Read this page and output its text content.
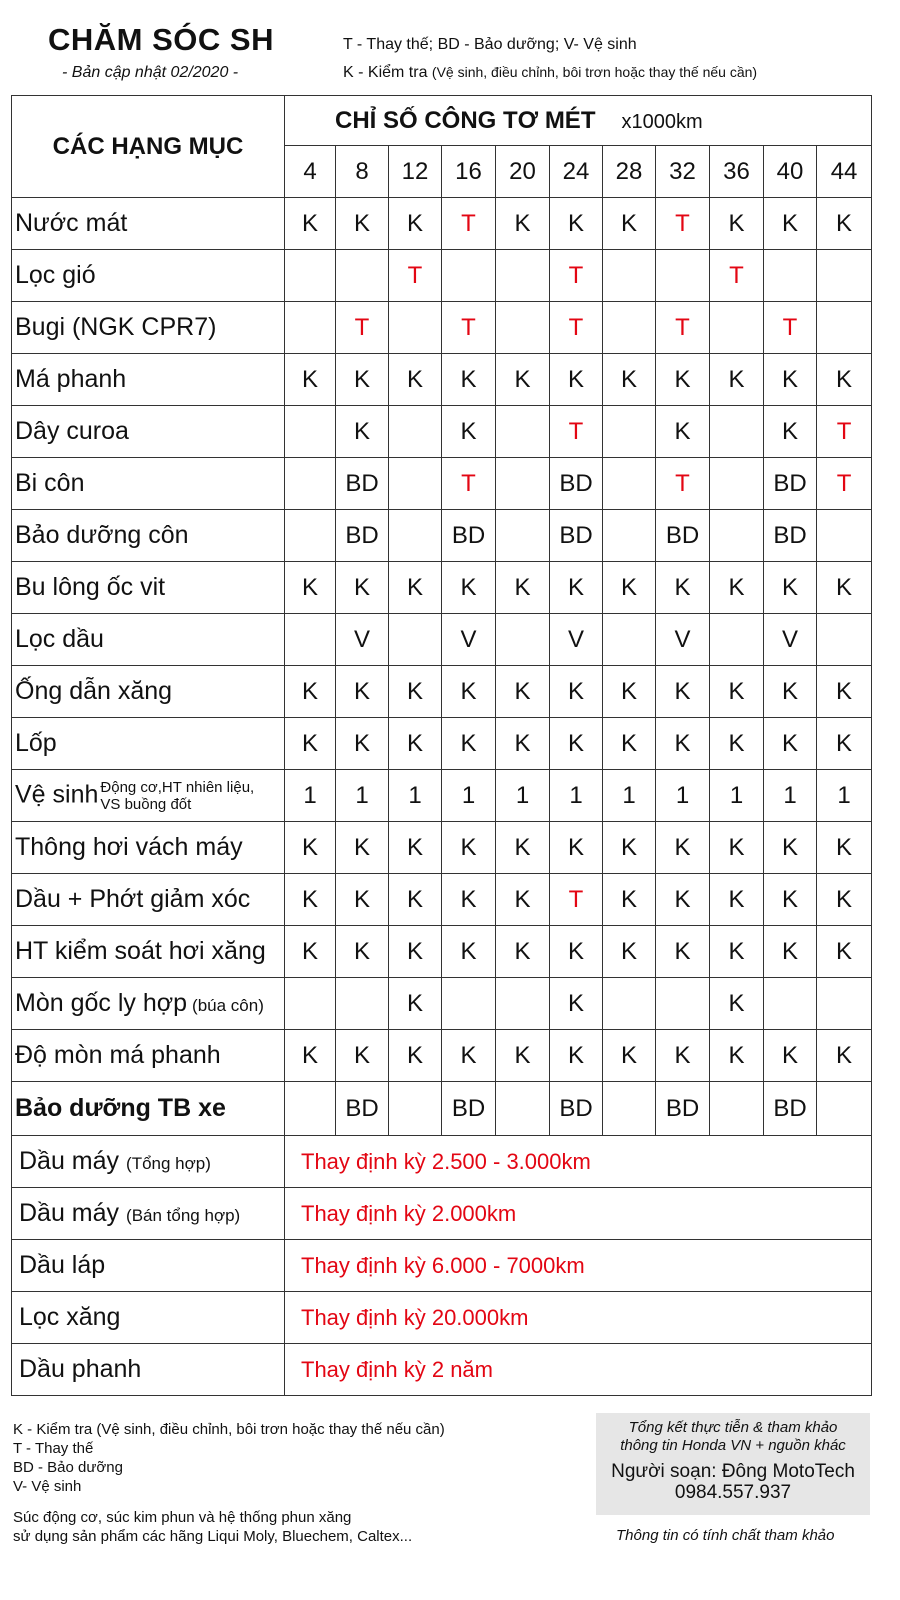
CHĂM SÓC SH
- Bản cập nhật 02/2020 -
T - Thay thế; BD - Bảo dưỡng; V- Vệ sinh
K - Kiểm tra (Vệ sinh, điều chỉnh, bôi trơn hoặc thay thế nếu cần)
CÁC HẠNG MỤC	CHỈ SỐ CÔNG TƠ MÉT x1000km										
	4	8	12	16	20	24	28	32	36	40	44
Nước mát	K	K	K	T	K	K	K	T	K	K	K
Lọc gió			T			T			T		
Bugi (NGK CPR7)		T		T		T		T		T	
Má phanh	K	K	K	K	K	K	K	K	K	K	K
Dây curoa		K		K		T		K		K	T
Bi côn		BD		T		BD		T		BD	T
Bảo dưỡng côn		BD		BD		BD		BD		BD	
Bu lông ốc vit	K	K	K	K	K	K	K	K	K	K	K
Lọc dầu		V		V		V		V		V	
Ống dẫn xăng	K	K	K	K	K	K	K	K	K	K	K
Lốp	K	K	K	K	K	K	K	K	K	K	K
Vệ sinh Động cơ,HT nhiên liệu,
VS buồng đốt	1	1	1	1	1	1	1	1	1	1	1
Thông hơi vách máy	K	K	K	K	K	K	K	K	K	K	K
Dầu + Phớt giảm xóc	K	K	K	K	K	T	K	K	K	K	K
HT kiểm soát hơi xăng	K	K	K	K	K	K	K	K	K	K	K
Mòn gốc ly hợp (búa côn)			K			K			K		
Độ mòn má phanh	K	K	K	K	K	K	K	K	K	K	K
Bảo dưỡng TB xe		BD		BD		BD		BD		BD	
Dầu máy (Tổng hợp)	Thay định kỳ 2.500 - 3.000km										
Dầu máy (Bán tổng hợp)	Thay định kỳ 2.000km										
Dầu láp	Thay định kỳ 6.000 - 7000km										
Lọc xăng	Thay định kỳ 20.000km										
Dầu phanh	Thay định kỳ 2 năm										
K - Kiểm tra (Vệ sinh, điều chỉnh, bôi trơn hoặc thay thế nếu cần)
T - Thay thế
BD - Bảo dưỡng
V- Vệ sinh
Súc động cơ, súc kim phun và hệ thống phun xăng
sử dụng sản phẩm các hãng Liqui Moly, Bluechem, Caltex...
Tổng kết thực tiễn & tham khảo
thông tin Honda VN + nguồn khác
Người soạn: Đông MotoTech
0984.557.937
Thông tin có tính chất tham khảo
